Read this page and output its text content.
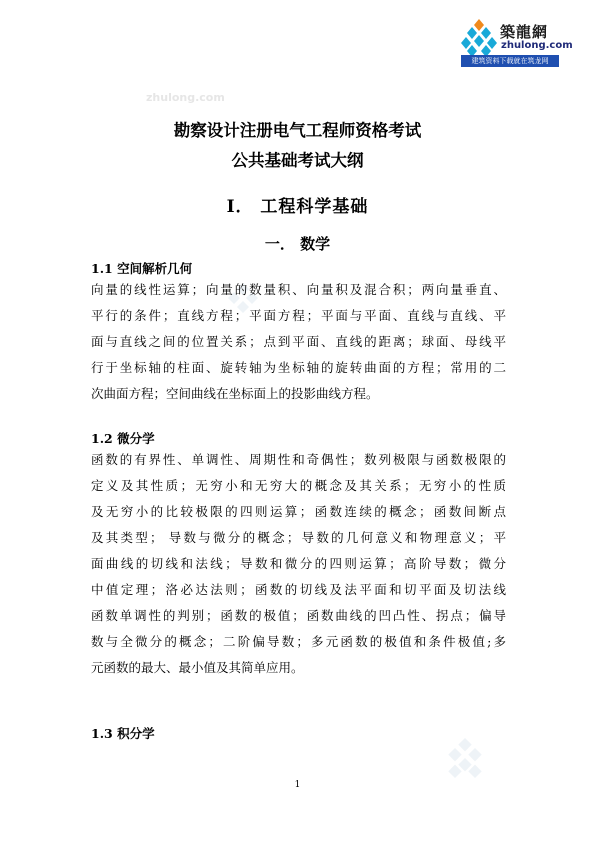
築龍網
zhulong.com
建筑资料下载就在筑龙网
zhulong.com
勘察设计注册电气工程师资格考试
公共基础考试大纲
I． 工程科学基础
一． 数学
1.1 空间解析几何
向量的线性运算；向量的数量积、向量积及混合积；两向量垂直、
平行的条件；直线方程；平面方程；平面与平面、直线与直线、平
面与直线之间的位置关系；点到平面、直线的距离；球面、母线平
行于坐标轴的柱面、旋转轴为坐标轴的旋转曲面的方程；常用的二
次曲面方程；空间曲线在坐标面上的投影曲线方程。
1.2 微分学
函数的有界性、单调性、周期性和奇偶性；数列极限与函数极限的
定义及其性质；无穷小和无穷大的概念及其关系；无穷小的性质
及无穷小的比较极限的四则运算；函数连续的概念；函数间断点
及其类型； 导数与微分的概念；导数的几何意义和物理意义；平
面曲线的切线和法线；导数和微分的四则运算；高阶导数；微分
中值定理；洛必达法则；函数的切线及法平面和切平面及切法线
函数单调性的判别；函数的极值；函数曲线的凹凸性、拐点；偏导
数与全微分的概念；二阶偏导数；多元函数的极值和条件极值;多
元函数的最大、最小值及其简单应用。
1.3 积分学
1
